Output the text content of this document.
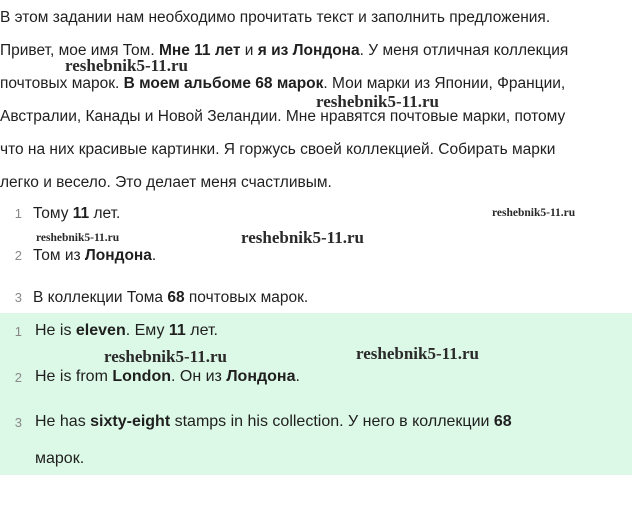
В этом задании нам необходимо прочитать текст и заполнить предложения.

Привет, мое имя Том. Мне 11 лет и я из Лондона. У меня отличная коллекция

почтовых марок. В моем альбоме 68 марок. Мои марки из Японии, Франции,

Австралии, Канады и Новой Зеландии. Мне нравятся почтовые марки, потому

что на них красивые картинки. Я горжусь своей коллекцией. Собирать марки

легко и весело. Это делает меня счастливым.

1 Тому 11 лет.
2 Том из Лондона.
3 В коллекции Тома 68 почтовых марок.
1 He is eleven. Ему 11 лет.
2 He is from London. Он из Лондона.
3 He has sixty-eight stamps in his collection. У него в коллекции 68
марок.
reshebnik5-11.ru
reshebnik5-11.ru
reshebnik5-11.ru
reshebnik5-11.ru	reshebnik5-11.ru
reshebnik5-11.ru	reshebnik5-11.ru
